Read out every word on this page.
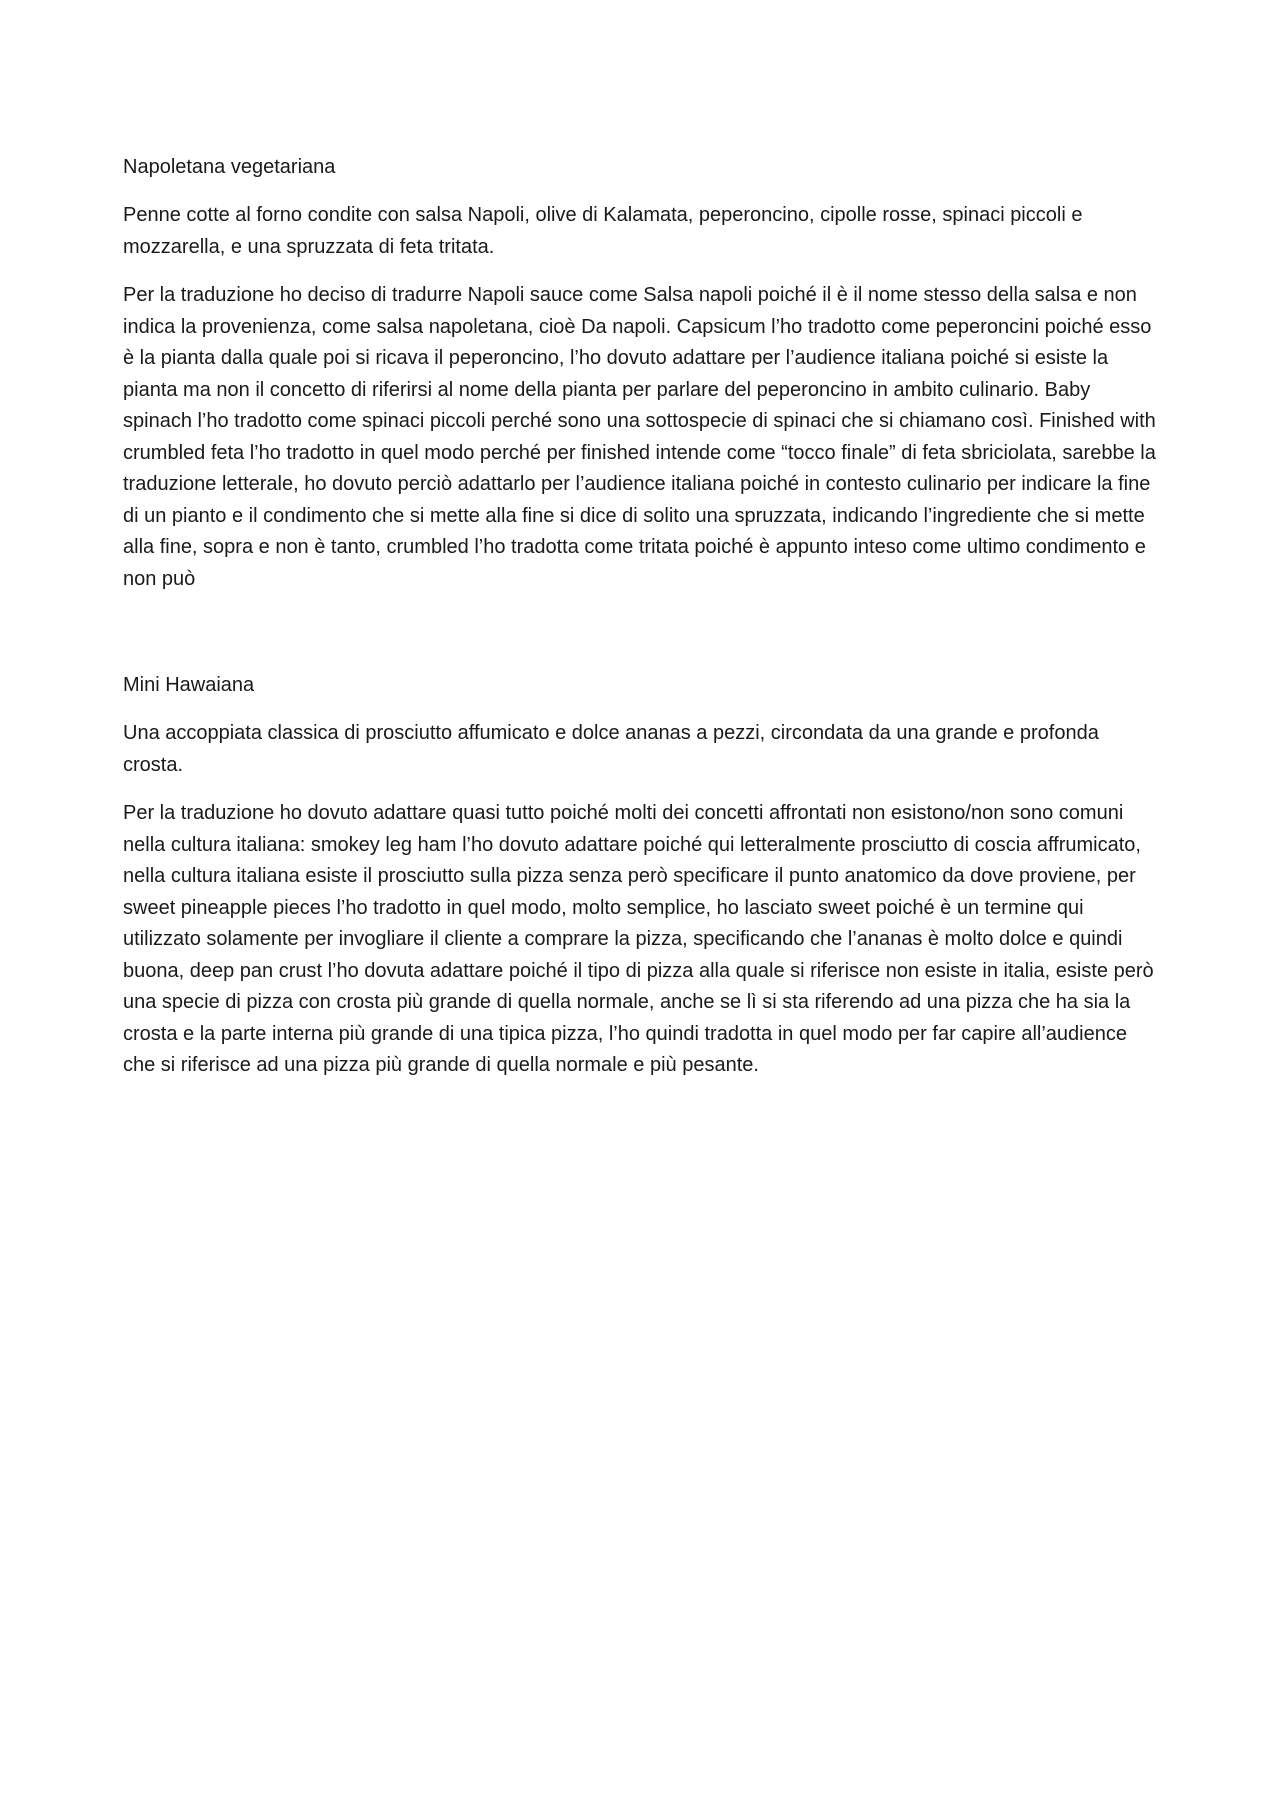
Napoletana vegetariana

Penne cotte al forno condite con salsa Napoli, olive di Kalamata, peperoncino, cipolle rosse, spinaci piccoli e mozzarella, e una spruzzata di feta tritata.

Per la traduzione ho deciso di tradurre Napoli sauce come Salsa napoli poiché il è il nome stesso della salsa e non indica la provenienza, come salsa napoletana, cioè Da napoli. Capsicum l’ho tradotto come peperoncini poiché esso è la pianta dalla quale poi si ricava il peperoncino, l’ho dovuto adattare per l’audience italiana poiché si esiste la pianta ma non il concetto di riferirsi al nome della pianta per parlare del peperoncino in ambito culinario. Baby spinach l’ho tradotto come spinaci piccoli perché sono una sottospecie di spinaci che si chiamano così. Finished with crumbled feta l’ho tradotto in quel modo perché per finished intende come “tocco finale” di feta sbriciolata, sarebbe la traduzione letterale, ho dovuto perciò adattarlo per l’audience italiana poiché in contesto culinario per indicare la fine di un pianto e il condimento che si mette alla fine si dice di solito una spruzzata, indicando l’ingrediente che si mette alla fine, sopra e non è tanto, crumbled l’ho tradotta come tritata poiché è appunto inteso come ultimo condimento e non può

Mini Hawaiana

Una accoppiata classica di prosciutto affumicato e dolce ananas a pezzi, circondata da una grande e profonda crosta.

Per la traduzione ho dovuto adattare quasi tutto poiché molti dei concetti affrontati non esistono/non sono comuni nella cultura italiana: smokey leg ham l’ho dovuto adattare poiché qui letteralmente prosciutto di coscia affrumicato, nella cultura italiana esiste il prosciutto sulla pizza senza però specificare il punto anatomico da dove proviene, per sweet pineapple pieces l’ho tradotto in quel modo, molto semplice, ho lasciato sweet poiché è un termine qui utilizzato solamente per invogliare il cliente a comprare la pizza, specificando che l’ananas è molto dolce e quindi buona, deep pan crust l’ho dovuta adattare poiché il tipo di pizza alla quale si riferisce non esiste in italia, esiste però una specie di pizza con crosta più grande di quella normale, anche se lì si sta riferendo ad una pizza che ha sia la crosta e la parte interna più grande di una tipica pizza, l’ho quindi tradotta in quel modo per far capire all’audience che si riferisce ad una pizza più grande di quella normale e più pesante.
